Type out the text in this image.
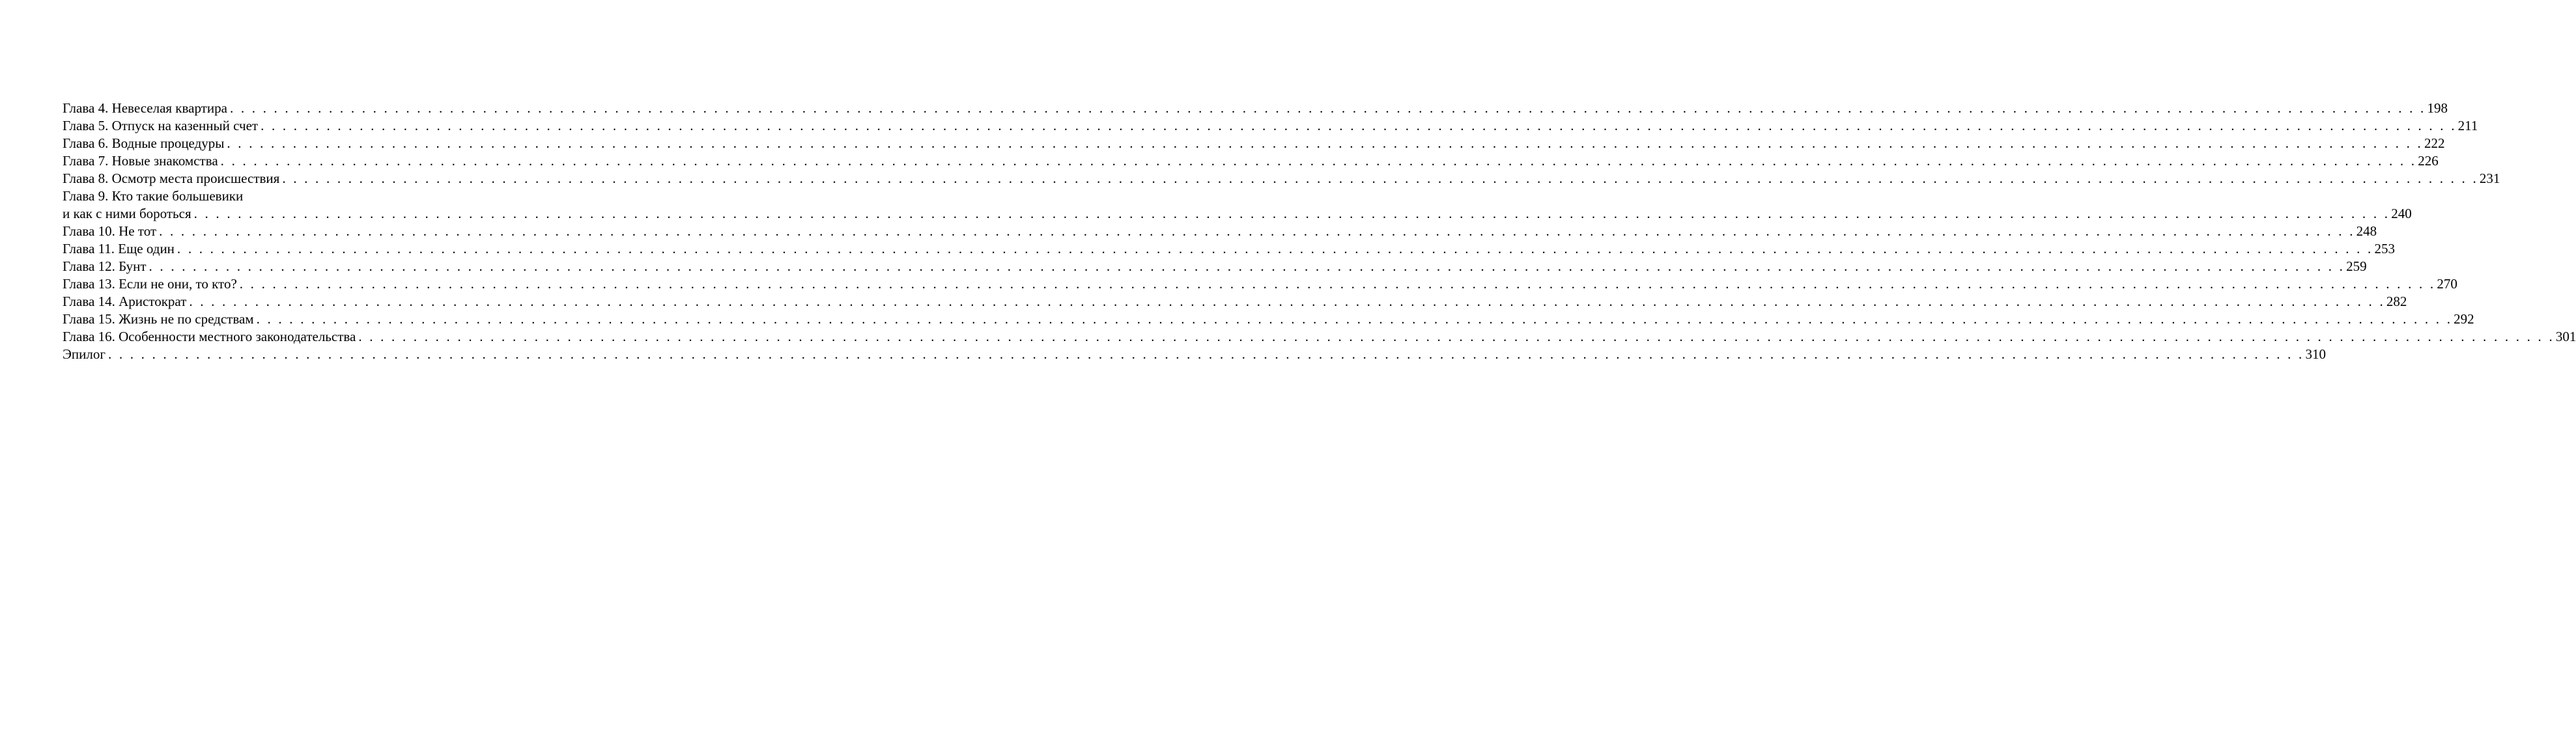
Глава 4. Невеселая квартира . . . . . . . . . . . . . . . . . . . . . . . . . . . . . . . . . . . . . . . . . . . . . . . . . . . . . . . . . . . . . . . . . . . . . . . . . . . . . . . . . . . . . . . . . . . . . . . . . . . . . . . . . . . . . . . . . . . . . . . . . . . . . . . . . . . . . . . . . . . . . . . . . . . . . . . . . . . . . . . . . . . . . . . . . . . . . . . . . . . . . . . . . . . . . . . . . . . . . . . . 198
Глава 5. Отпуск на казенный счет . . . . . . . . . . . . . . . . . . . . . . . . . . . . . . . . . . . . . . . . . . . . . . . . . . . . . . . . . . . . . . . . . . . . . . . . . . . . . . . . . . . . . . . . . . . . . . . . . . . . . . . . . . . . . . . . . . . . . . . . . . . . . . . . . . . . . . . . . . . . . . . . . . . . . . . . . . . . . . . . . . . . . . . . . . . . . . . . . . . . . . . . . . . . . . . . . . . . . . . . 211
Глава 6. Водные процедуры . . . . . . . . . . . . . . . . . . . . . . . . . . . . . . . . . . . . . . . . . . . . . . . . . . . . . . . . . . . . . . . . . . . . . . . . . . . . . . . . . . . . . . . . . . . . . . . . . . . . . . . . . . . . . . . . . . . . . . . . . . . . . . . . . . . . . . . . . . . . . . . . . . . . . . . . . . . . . . . . . . . . . . . . . . . . . . . . . . . . . . . . . . . . . . . . . . . . . . . . 222
Глава 7. Новые знакомства . . . . . . . . . . . . . . . . . . . . . . . . . . . . . . . . . . . . . . . . . . . . . . . . . . . . . . . . . . . . . . . . . . . . . . . . . . . . . . . . . . . . . . . . . . . . . . . . . . . . . . . . . . . . . . . . . . . . . . . . . . . . . . . . . . . . . . . . . . . . . . . . . . . . . . . . . . . . . . . . . . . . . . . . . . . . . . . . . . . . . . . . . . . . . . . . . . . . . . . . 226
Глава 8. Осмотр места происшествия . . . . . . . . . . . . . . . . . . . . . . . . . . . . . . . . . . . . . . . . . . . . . . . . . . . . . . . . . . . . . . . . . . . . . . . . . . . . . . . . . . . . . . . . . . . . . . . . . . . . . . . . . . . . . . . . . . . . . . . . . . . . . . . . . . . . . . . . . . . . . . . . . . . . . . . . . . . . . . . . . . . . . . . . . . . . . . . . . . . . . . . . . . . . . . . . . . . . . . . . 231
Глава 9. Кто такие большевики
и как с ними бороться . . . . . . . . . . . . . . . . . . . . . . . . . . . . . . . . . . . . . . . . . . . . . . . . . . . . . . . . . . . . . . . . . . . . . . . . . . . . . . . . . . . . . . . . . . . . . . . . . . . . . . . . . . . . . . . . . . . . . . . . . . . . . . . . . . . . . . . . . . . . . . . . . . . . . . . . . . . . . . . . . . . . . . . . . . . . . . . . . . . . . . . . . . . . . . . . . . . . . . . . 240
Глава 10. Не тот . . . . . . . . . . . . . . . . . . . . . . . . . . . . . . . . . . . . . . . . . . . . . . . . . . . . . . . . . . . . . . . . . . . . . . . . . . . . . . . . . . . . . . . . . . . . . . . . . . . . . . . . . . . . . . . . . . . . . . . . . . . . . . . . . . . . . . . . . . . . . . . . . . . . . . . . . . . . . . . . . . . . . . . . . . . . . . . . . . . . . . . . . . . . . . . . . . . . . . . . 248
Глава 11. Еще один . . . . . . . . . . . . . . . . . . . . . . . . . . . . . . . . . . . . . . . . . . . . . . . . . . . . . . . . . . . . . . . . . . . . . . . . . . . . . . . . . . . . . . . . . . . . . . . . . . . . . . . . . . . . . . . . . . . . . . . . . . . . . . . . . . . . . . . . . . . . . . . . . . . . . . . . . . . . . . . . . . . . . . . . . . . . . . . . . . . . . . . . . . . . . . . . . . . . . . . . 253
Глава 12. Бунт . . . . . . . . . . . . . . . . . . . . . . . . . . . . . . . . . . . . . . . . . . . . . . . . . . . . . . . . . . . . . . . . . . . . . . . . . . . . . . . . . . . . . . . . . . . . . . . . . . . . . . . . . . . . . . . . . . . . . . . . . . . . . . . . . . . . . . . . . . . . . . . . . . . . . . . . . . . . . . . . . . . . . . . . . . . . . . . . . . . . . . . . . . . . . . . . . . . . . . . . 259
Глава 13. Если не они, то кто? . . . . . . . . . . . . . . . . . . . . . . . . . . . . . . . . . . . . . . . . . . . . . . . . . . . . . . . . . . . . . . . . . . . . . . . . . . . . . . . . . . . . . . . . . . . . . . . . . . . . . . . . . . . . . . . . . . . . . . . . . . . . . . . . . . . . . . . . . . . . . . . . . . . . . . . . . . . . . . . . . . . . . . . . . . . . . . . . . . . . . . . . . . . . . . . . . . . . . . . . 270
Глава 14. Аристократ . . . . . . . . . . . . . . . . . . . . . . . . . . . . . . . . . . . . . . . . . . . . . . . . . . . . . . . . . . . . . . . . . . . . . . . . . . . . . . . . . . . . . . . . . . . . . . . . . . . . . . . . . . . . . . . . . . . . . . . . . . . . . . . . . . . . . . . . . . . . . . . . . . . . . . . . . . . . . . . . . . . . . . . . . . . . . . . . . . . . . . . . . . . . . . . . . . . . . . . . 282
Глава 15. Жизнь не по средствам . . . . . . . . . . . . . . . . . . . . . . . . . . . . . . . . . . . . . . . . . . . . . . . . . . . . . . . . . . . . . . . . . . . . . . . . . . . . . . . . . . . . . . . . . . . . . . . . . . . . . . . . . . . . . . . . . . . . . . . . . . . . . . . . . . . . . . . . . . . . . . . . . . . . . . . . . . . . . . . . . . . . . . . . . . . . . . . . . . . . . . . . . . . . . . . . . . . . . . . . 292
Глава 16. Особенности местного законодательства . . . . . . . . . . . . . . . . . . . . . . . . . . . . . . . . . . . . . . . . . . . . . . . . . . . . . . . . . . . . . . . . . . . . . . . . . . . . . . . . . . . . . . . . . . . . . . . . . . . . . . . . . . . . . . . . . . . . . . . . . . . . . . . . . . . . . . . . . . . . . . . . . . . . . . . . . . . . . . . . . . . . . . . . . . . . . . . . . . . . . . . . . . . . . . . . . . . . . . . . 301
Эпилог . . . . . . . . . . . . . . . . . . . . . . . . . . . . . . . . . . . . . . . . . . . . . . . . . . . . . . . . . . . . . . . . . . . . . . . . . . . . . . . . . . . . . . . . . . . . . . . . . . . . . . . . . . . . . . . . . . . . . . . . . . . . . . . . . . . . . . . . . . . . . . . . . . . . . . . . . . . . . . . . . . . . . . . . . . . . . . . . . . . . . . . . . . . . . . . . . . . . . . . . 310
